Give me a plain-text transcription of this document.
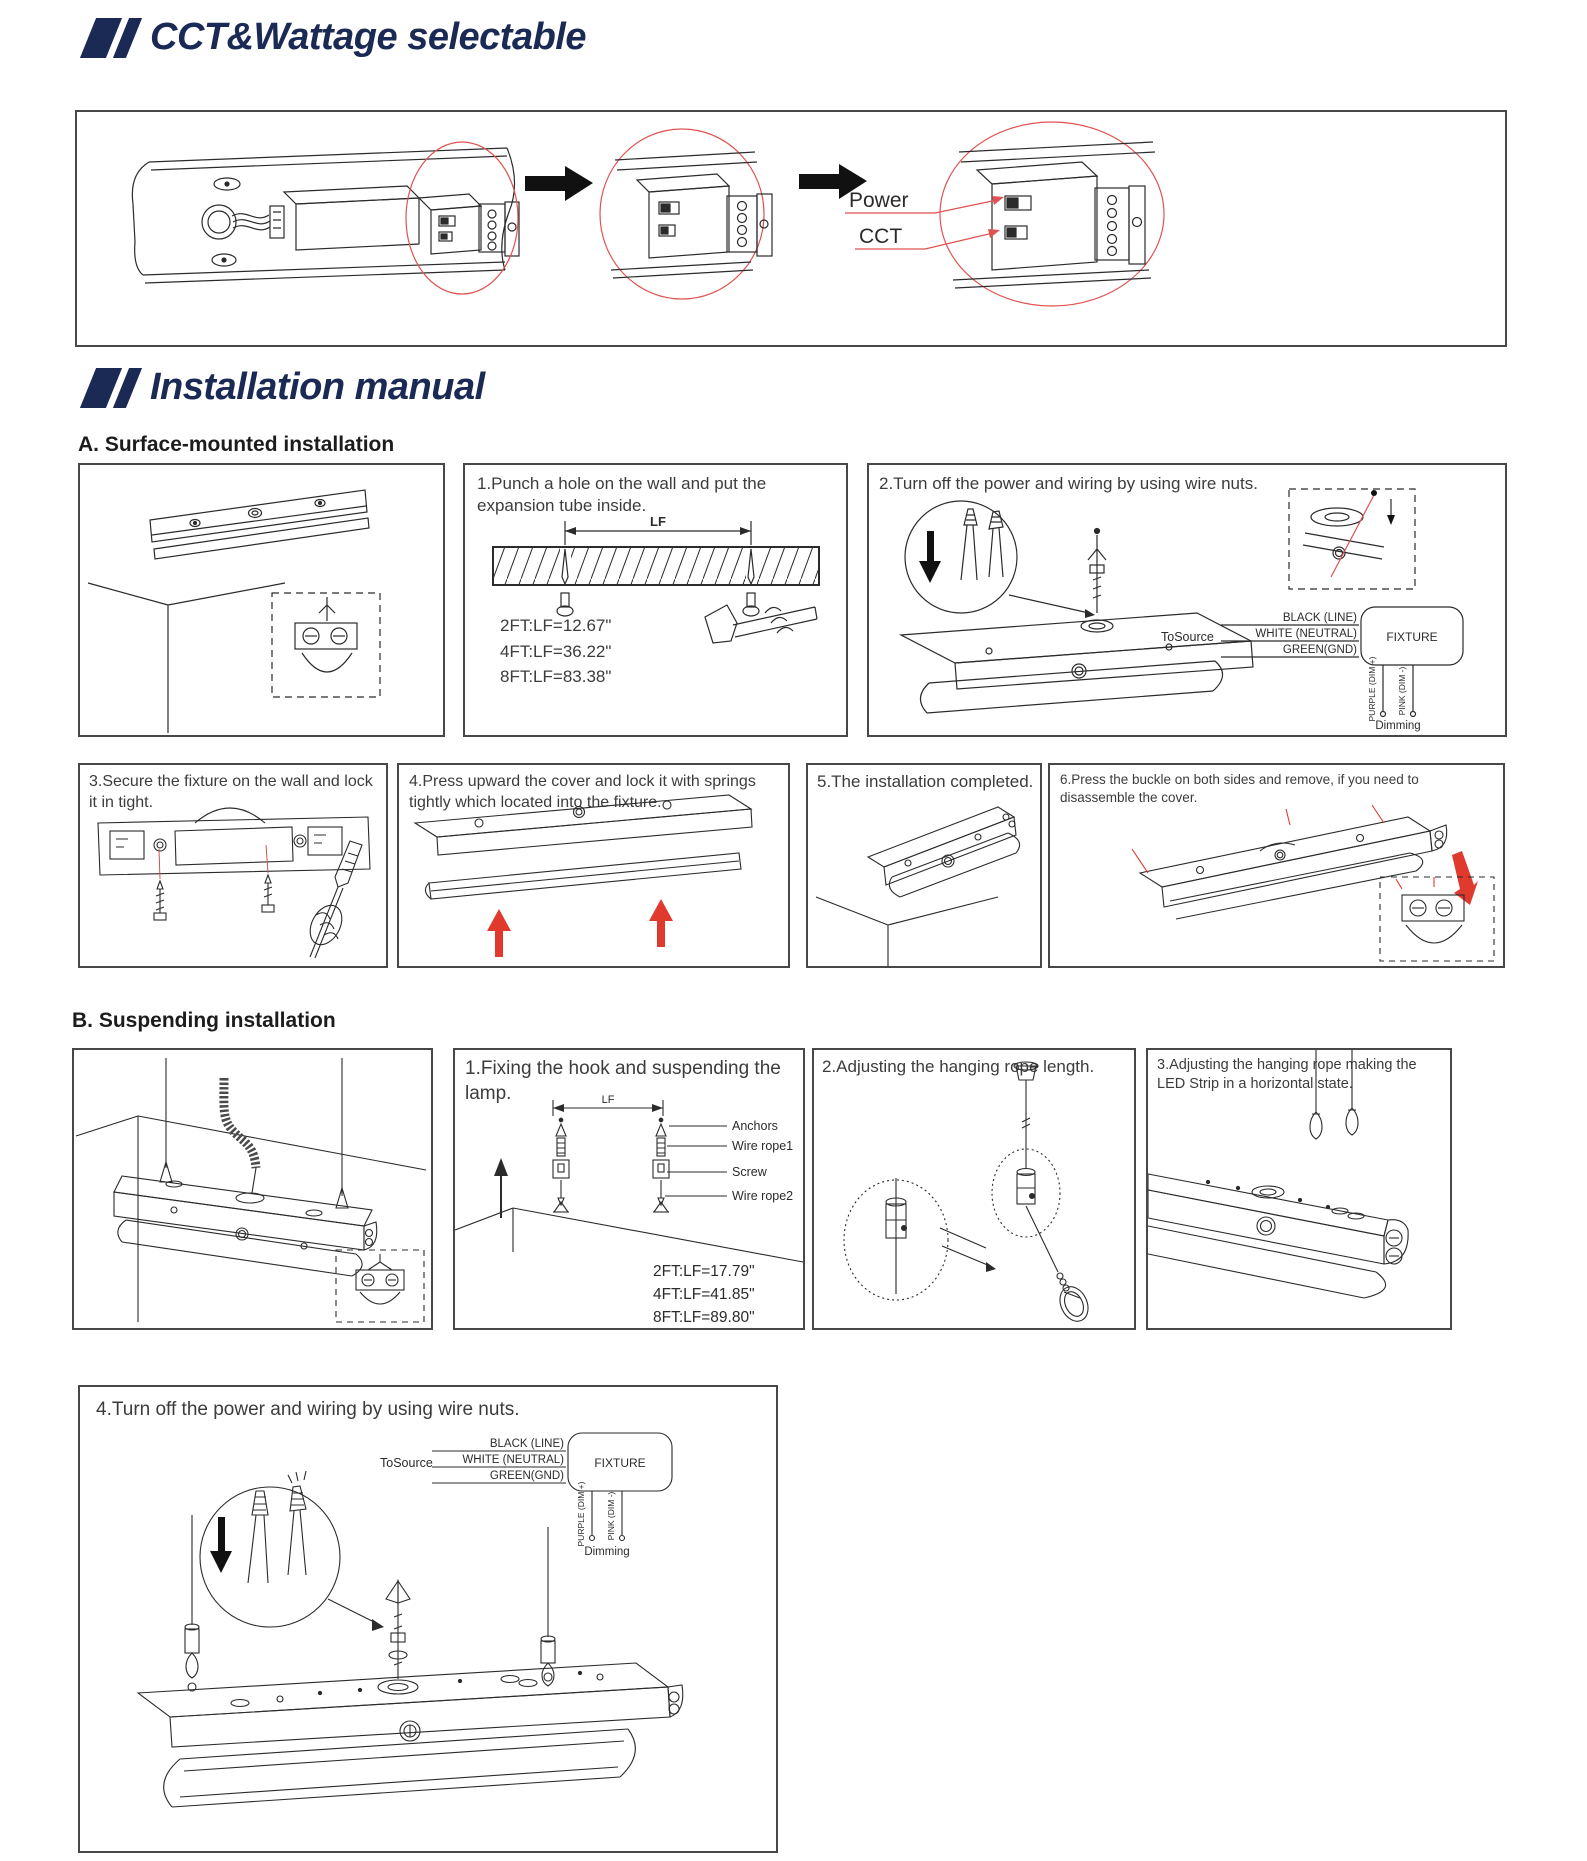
CCT&Wattage selectable
Power
CCT
Installation manual
A. Surface-mounted installation
1.Punch a hole on the wall and put the expansion tube inside.
LF
2FT:LF=12.67"
4FT:LF=36.22"
8FT:LF=83.38"
2.Turn off the power and wiring by using wire nuts.
ToSource
BLACK (LINE)
WHITE (NEUTRAL)
GREEN(GND)
FIXTURE
PURPLE (DIM +) PINK (DIM -)
Dimming
3.Secure the fixture on the wall and lock it in tight.
4.Press upward the cover and lock it with springs tightly which located into the fixture.
5.The installation completed. 6.Press the buckle on both sides and remove, if you need to disassemble the cover.
B. Suspending installation
1.Fixing the hook and suspending the lamp.	LF
Anchors
Wire rope1
Screw
Wire rope2
2FT:LF=17.79"
4FT:LF=41.85"
8FT:LF=89.80"
2.Adjusting the hanging rope length.	3.Adjusting the hanging rope making the LED Strip in a horizontal state.
4.Turn off the power and wiring by using wire nuts.
ToSource
BLACK (LINE)
WHITE (NEUTRAL)
GREEN(GND)
FIXTURE
PURPLE (DIM +) PINK (DIM -)
Dimming
